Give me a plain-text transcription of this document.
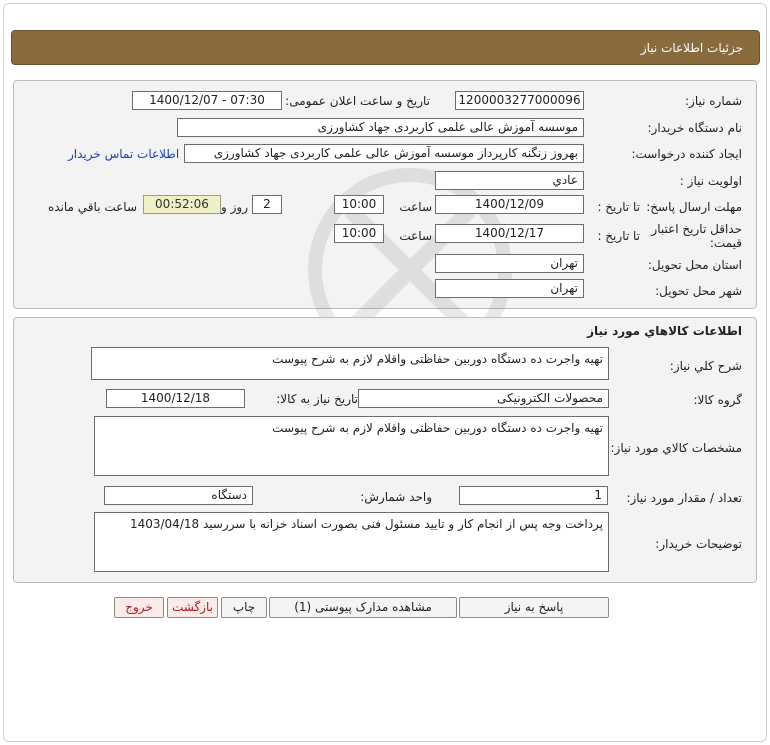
جزئیات اطلاعات نیاز
شماره نیاز:
1200003277000096
تاریخ و ساعت اعلان عمومی:
1400/12/07 - 07:30
نام دستگاه خریدار:
موسسه آموزش عالی علمی کاربردی جهاد کشاورزی
ایجاد کننده درخواست:
بهروز زنگنه کارپرداز موسسه آموزش عالی علمی کاربردی جهاد کشاورزی
اطلاعات تماس خریدار
اولویت نیاز :
عادي
مهلت ارسال پاسخ:
تا تاریخ :
1400/12/09
ساعت
10:00
2
روز و
00:52:06
ساعت باقي مانده
حداقل تاریخ اعتبار
قیمت:
تا تاریخ :
1400/12/17
ساعت
10:00
استان محل تحویل:
تهران
شهر محل تحویل:
تهران
اطلاعات کالاهاي مورد نياز
شرح کلي نياز:
تهیه واجرت ده دستگاه دوربین حفاظتی واقلام لازم به شرح پیوست
گروه کالا:
محصولات الکترونیکی
تاریخ نیاز به کالا:
1400/12/18
مشخصات کالاي مورد نياز:
تهیه واجرت ده دستگاه دوربین حفاظتی واقلام لازم به شرح پیوست
تعداد / مقدار مورد نیاز:
1
واحد شمارش:
دستگاه
توضیحات خریدار:
پرداخت وجه پس از انجام کار و تایید مسئول فنی بصورت اسناد خزانه با سررسید 1403/04/18
پاسخ به نیاز
مشاهده مدارک پیوستی (1)
چاپ
بازگشت
خروج
